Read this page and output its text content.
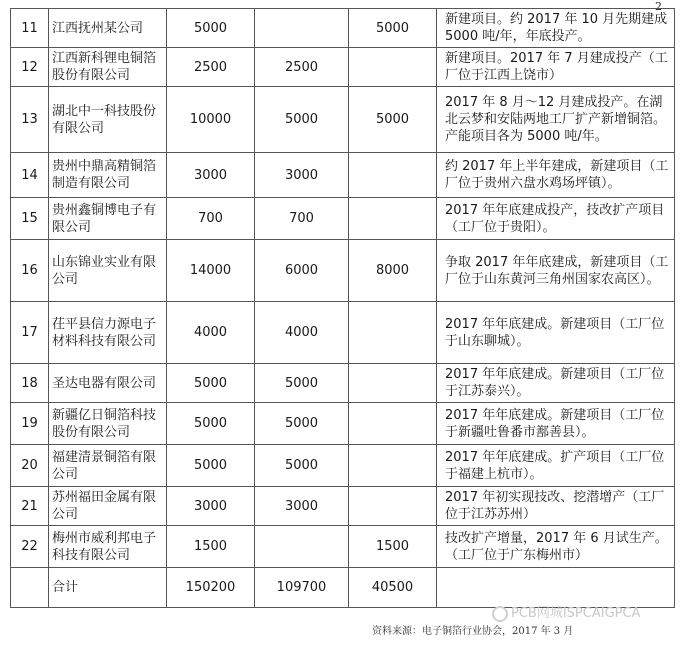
2
11	江西抚州某公司	5000		5000	新建项目。约 2017 年 10 月先期建成 5000 吨/年，年底投产。
12	江西新科锂电铜箔股份有限公司	2500	2500		新建项目。2017 年 7 月建成投产（工厂位于江西上饶市）
13	湖北中一科技股份有限公司	10000	5000	5000	2017 年 8 月～12 月建成投产。在湖北云梦和安陆两地工厂扩产新增铜箔。产能项目各为 5000 吨/年。
14	贵州中鼎高精铜箔制造有限公司	3000	3000		约 2017 年上半年建成，新建项目（工厂位于贵州六盘水鸡场坪镇）。
15	贵州鑫铜博电子有限公司	700	700		2017 年年底建成投产，技改扩产项目（工厂位于贵阳）。
16	山东锦业实业有限公司	14000	6000	8000	争取 2017 年年底建成，新建项目（工厂位于山东黄河三角州国家农高区）。
17	茌平县信力源电子材料科技有限公司	4000	4000		2017 年年底建成。新建项目（工厂位于山东聊城）。
18	圣达电器有限公司	5000	5000		2017 年年底建成。新建项目（工厂位于江苏泰兴）。
19	新疆亿日铜箔科技股份有限公司	5000	5000		2017 年年底建成。新建项目（工厂位于新疆吐鲁番市鄯善县）。
20	福建清景铜箔有限公司	5000	5000		2017 年年底建成。扩产项目（工厂位于福建上杭市）。
21	苏州福田金属有限公司	3000	3000		2017 年初实现技改、挖潜增产（工厂位于江苏苏州）
22	梅州市威利邦电子科技有限公司	1500		1500	技改扩产增量，2017 年 6 月试生产。（工厂位于广东梅州市）
	合计	150200	109700	40500	
PCB网城ISPCAIGPCA
资料来源：电子铜箔行业协会，2017 年 3 月
